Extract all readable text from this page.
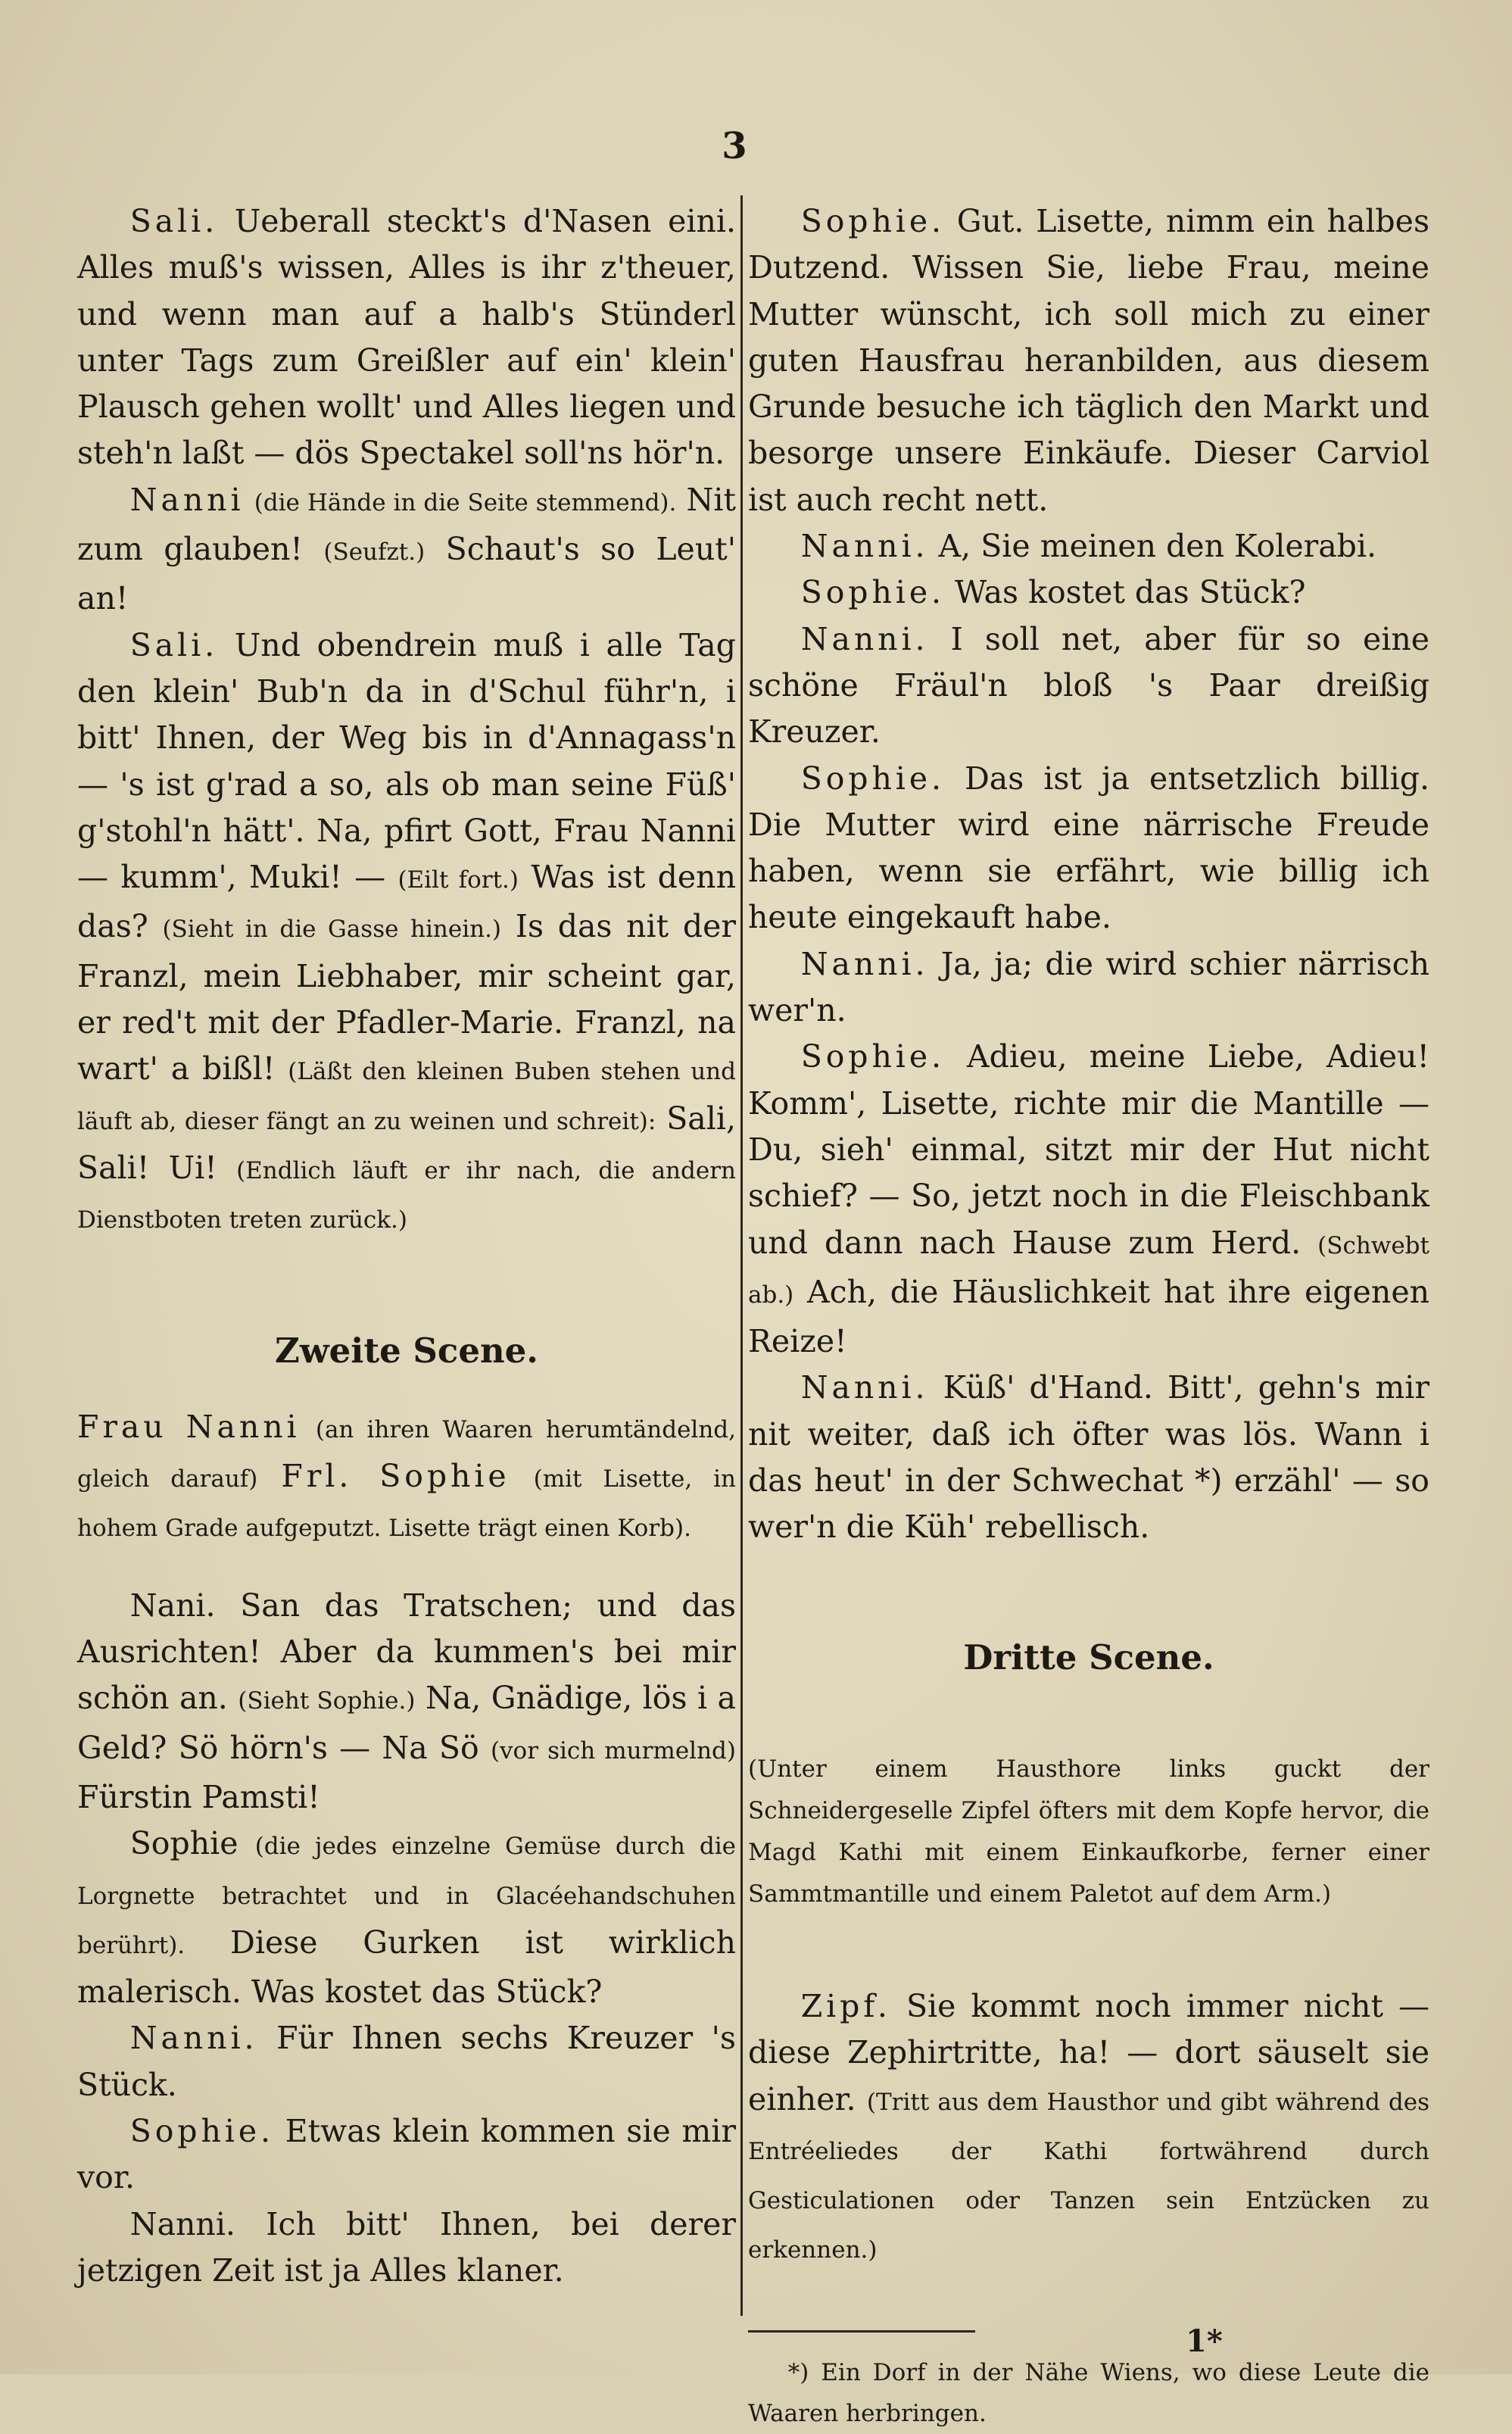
3

Sali. Ueberall steckt's d'Nasen eini. Alles muß's wissen, Alles is ihr z'theuer, und wenn man auf a halb's Stünderl unter Tags zum Greißler auf ein' klein' Plausch gehen wollt' und Alles liegen und steh'n laßt — dös Spectakel soll'ns hör'n.

Nanni (die Hände in die Seite stemmend). Nit zum glauben! (Seufzt.) Schaut's so Leut' an!

Sali. Und obendrein muß i alle Tag den klein' Bub'n da in d'Schul führ'n, i bitt' Ihnen, der Weg bis in d'Annagass'n — 's ist g'rad a so, als ob man seine Füß' g'stohl'n hätt'. Na, pfirt Gott, Frau Nanni — kumm', Muki! — (Eilt fort.) Was ist denn das? (Sieht in die Gasse hinein.) Is das nit der Franzl, mein Liebhaber, mir scheint gar, er red't mit der Pfadler-Marie. Franzl, na wart' a bißl! (Läßt den kleinen Buben stehen und läuft ab, dieser fängt an zu weinen und schreit): Sali, Sali! Ui! (Endlich läuft er ihr nach, die andern Dienstboten treten zurück.)

Zweite Scene.

Frau Nanni (an ihren Waaren herumtändelnd, gleich darauf) Frl. Sophie (mit Lisette, in hohem Grade aufgeputzt. Lisette trägt einen Korb).

Nani. San das Tratschen; und das Ausrichten! Aber da kummen's bei mir schön an. (Sieht Sophie.) Na, Gnädige, lös i a Geld? Sö hörn's — Na Sö (vor sich murmelnd) Fürstin Pamsti!

Sophie (die jedes einzelne Gemüse durch die Lorgnette betrachtet und in Glacéehandschuhen berührt). Diese Gurken ist wirklich malerisch. Was kostet das Stück?

Nanni. Für Ihnen sechs Kreuzer 's Stück.

Sophie. Etwas klein kommen sie mir vor.

Nanni. Ich bitt' Ihnen, bei derer jetzigen Zeit ist ja Alles klaner.

Sophie. Gut. Lisette, nimm ein halbes Dutzend. Wissen Sie, liebe Frau, meine Mutter wünscht, ich soll mich zu einer guten Hausfrau heranbilden, aus diesem Grunde besuche ich täglich den Markt und besorge unsere Einkäufe. Dieser Carviol ist auch recht nett.

Nanni. A, Sie meinen den Kolerabi.

Sophie. Was kostet das Stück?

Nanni. I soll net, aber für so eine schöne Fräul'n bloß 's Paar dreißig Kreuzer.

Sophie. Das ist ja entsetzlich billig. Die Mutter wird eine närrische Freude haben, wenn sie erfährt, wie billig ich heute eingekauft habe.

Nanni. Ja, ja; die wird schier närrisch wer'n.

Sophie. Adieu, meine Liebe, Adieu! Komm', Lisette, richte mir die Mantille — Du, sieh' einmal, sitzt mir der Hut nicht schief? — So, jetzt noch in die Fleischbank und dann nach Hause zum Herd. (Schwebt ab.) Ach, die Häuslichkeit hat ihre eigenen Reize!

Nanni. Küß' d'Hand. Bitt', gehn's mir nit weiter, daß ich öfter was lös. Wann i das heut' in der Schwechat *) erzähl' — so wer'n die Küh' rebellisch.

Dritte Scene.

(Unter einem Hausthore links guckt der Schneidergeselle Zipfel öfters mit dem Kopfe hervor, die Magd Kathi mit einem Einkaufkorbe, ferner einer Sammtmantille und einem Paletot auf dem Arm.)

Zipf. Sie kommt noch immer nicht — diese Zephirtritte, ha! — dort säuselt sie einher. (Tritt aus dem Hausthor und gibt während des Entréeliedes der Kathi fortwährend durch Gesticulationen oder Tanzen sein Entzücken zu erkennen.)

*) Ein Dorf in der Nähe Wiens, wo diese Leute die Waaren herbringen.

1*
